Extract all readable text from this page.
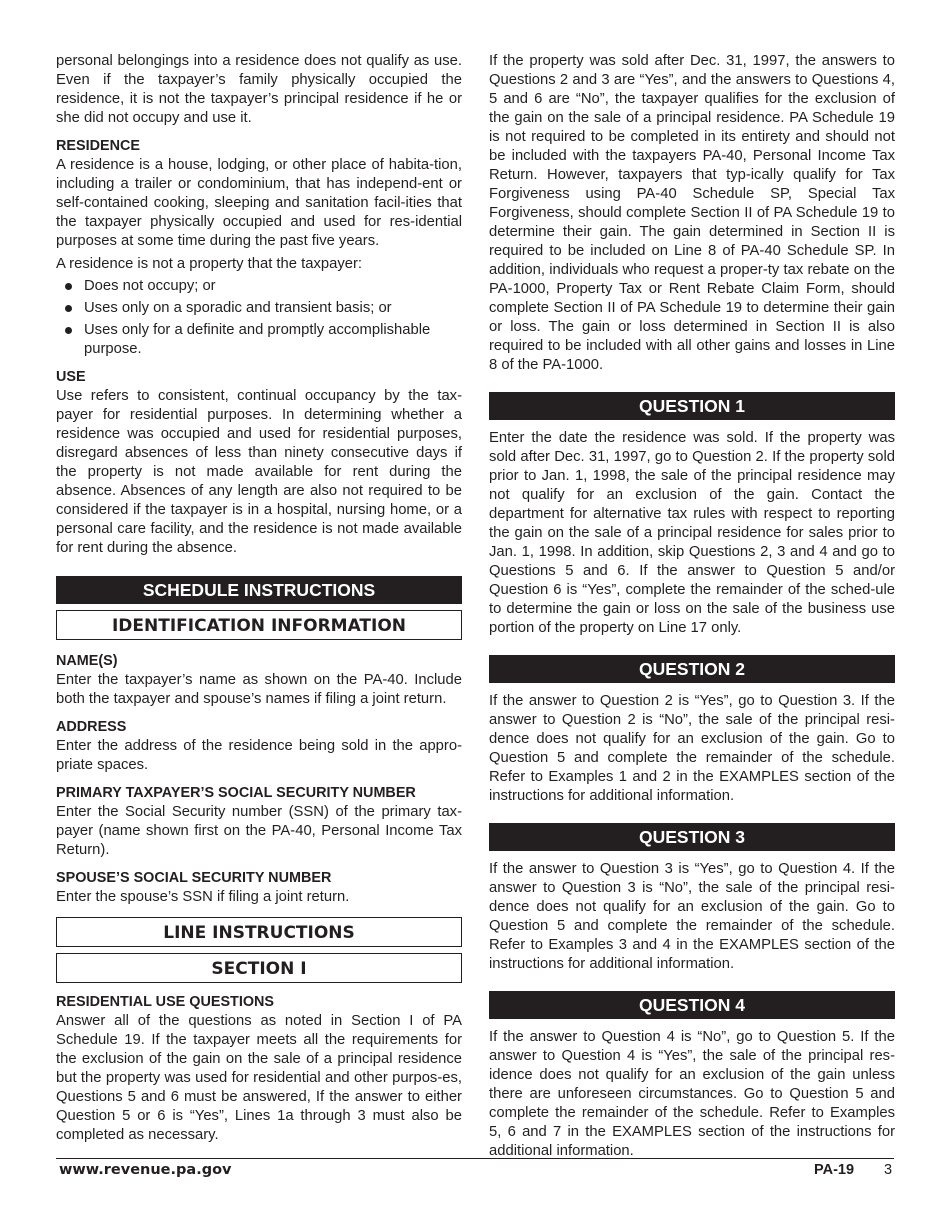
personal belongings into a residence does not qualify as use. Even if the taxpayer’s family physically occupied the residence, it is not the taxpayer’s principal residence if he or she did not occupy and use it.

RESIDENCE

A residence is a house, lodging, or other place of habita-tion, including a trailer or condominium, that has independ-ent or self-contained cooking, sleeping and sanitation facil-ities that the taxpayer physically occupied and used for res-idential purposes at some time during the past five years.

A residence is not a property that the taxpayer:

Does not occupy; or
Uses only on a sporadic and transient basis; or
Uses only for a definite and promptly accomplishable purpose.
USE

Use refers to consistent, continual occupancy by the tax-payer for residential purposes. In determining whether a residence was occupied and used for residential purposes, disregard absences of less than ninety consecutive days if the property is not made available for rent during the absence. Absences of any length are also not required to be considered if the taxpayer is in a hospital, nursing home, or a personal care facility, and the residence is not made available for rent during the absence.

SCHEDULE INSTRUCTIONS
IDENTIFICATION INFORMATION
NAME(S)

Enter the taxpayer’s name as shown on the PA-40. Include both the taxpayer and spouse’s names if filing a joint return.

ADDRESS

Enter the address of the residence being sold in the appro-priate spaces.

PRIMARY TAXPAYER’S SOCIAL SECURITY NUMBER

Enter the Social Security number (SSN) of the primary tax-payer (name shown first on the PA-40, Personal Income Tax Return).

SPOUSE’S SOCIAL SECURITY NUMBER

Enter the spouse’s SSN if filing a joint return.

LINE INSTRUCTIONS
SECTION I
RESIDENTIAL USE QUESTIONS

Answer all of the questions as noted in Section I of PA Schedule 19. If the taxpayer meets all the requirements for the exclusion of the gain on the sale of a principal residence but the property was used for residential and other purpos-es, Questions 5 and 6 must be answered, If the answer to either Question 5 or 6 is “Yes”, Lines 1a through 3 must also be completed as necessary.

If the property was sold after Dec. 31, 1997, the answers to Questions 2 and 3 are “Yes”, and the answers to Questions 4, 5 and 6 are “No”, the taxpayer qualifies for the exclusion of the gain on the sale of a principal residence. PA Schedule 19 is not required to be completed in its entirety and should not be included with the taxpayers PA-40, Personal Income Tax Return. However, taxpayers that typ-ically qualify for Tax Forgiveness using PA-40 Schedule SP, Special Tax Forgiveness, should complete Section II of PA Schedule 19 to determine their gain. The gain determined in Section II is required to be included on Line 8 of PA-40 Schedule SP. In addition, individuals who request a proper-ty tax rebate on the PA-1000, Property Tax or Rent Rebate Claim Form, should complete Section II of PA Schedule 19 to determine their gain or loss. The gain or loss determined in Section II is also required to be included with all other gains and losses in Line 8 of the PA-1000.

QUESTION 1

Enter the date the residence was sold. If the property was sold after Dec. 31, 1997, go to Question 2. If the property sold prior to Jan. 1, 1998, the sale of the principal residence may not qualify for an exclusion of the gain. Contact the department for alternative tax rules with respect to reporting the gain on the sale of a principal residence for sales prior to Jan. 1, 1998. In addition, skip Questions 2, 3 and 4 and go to Questions 5 and 6. If the answer to Question 5 and/or Question 6 is “Yes”, complete the remainder of the sched-ule to determine the gain or loss on the sale of the business use portion of the property on Line 17 only.

QUESTION 2

If the answer to Question 2 is “Yes”, go to Question 3. If the answer to Question 2 is “No”, the sale of the principal resi-dence does not qualify for an exclusion of the gain. Go to Question 5 and complete the remainder of the schedule. Refer to Examples 1 and 2 in the EXAMPLES section of the instructions for additional information.

QUESTION 3

If the answer to Question 3 is “Yes”, go to Question 4. If the answer to Question 3 is “No”, the sale of the principal resi-dence does not qualify for an exclusion of the gain. Go to Question 5 and complete the remainder of the schedule. Refer to Examples 3 and 4 in the EXAMPLES section of the instructions for additional information.

QUESTION 4

If the answer to Question 4 is “No”, go to Question 5. If the answer to Question 4 is “Yes”, the sale of the principal res-idence does not qualify for an exclusion of the gain unless there are unforeseen circumstances. Go to Question 5 and complete the remainder of the schedule. Refer to Examples 5, 6 and 7 in the EXAMPLES section of the instructions for additional information.

www.revenue.pa.gov	PA-19 3
